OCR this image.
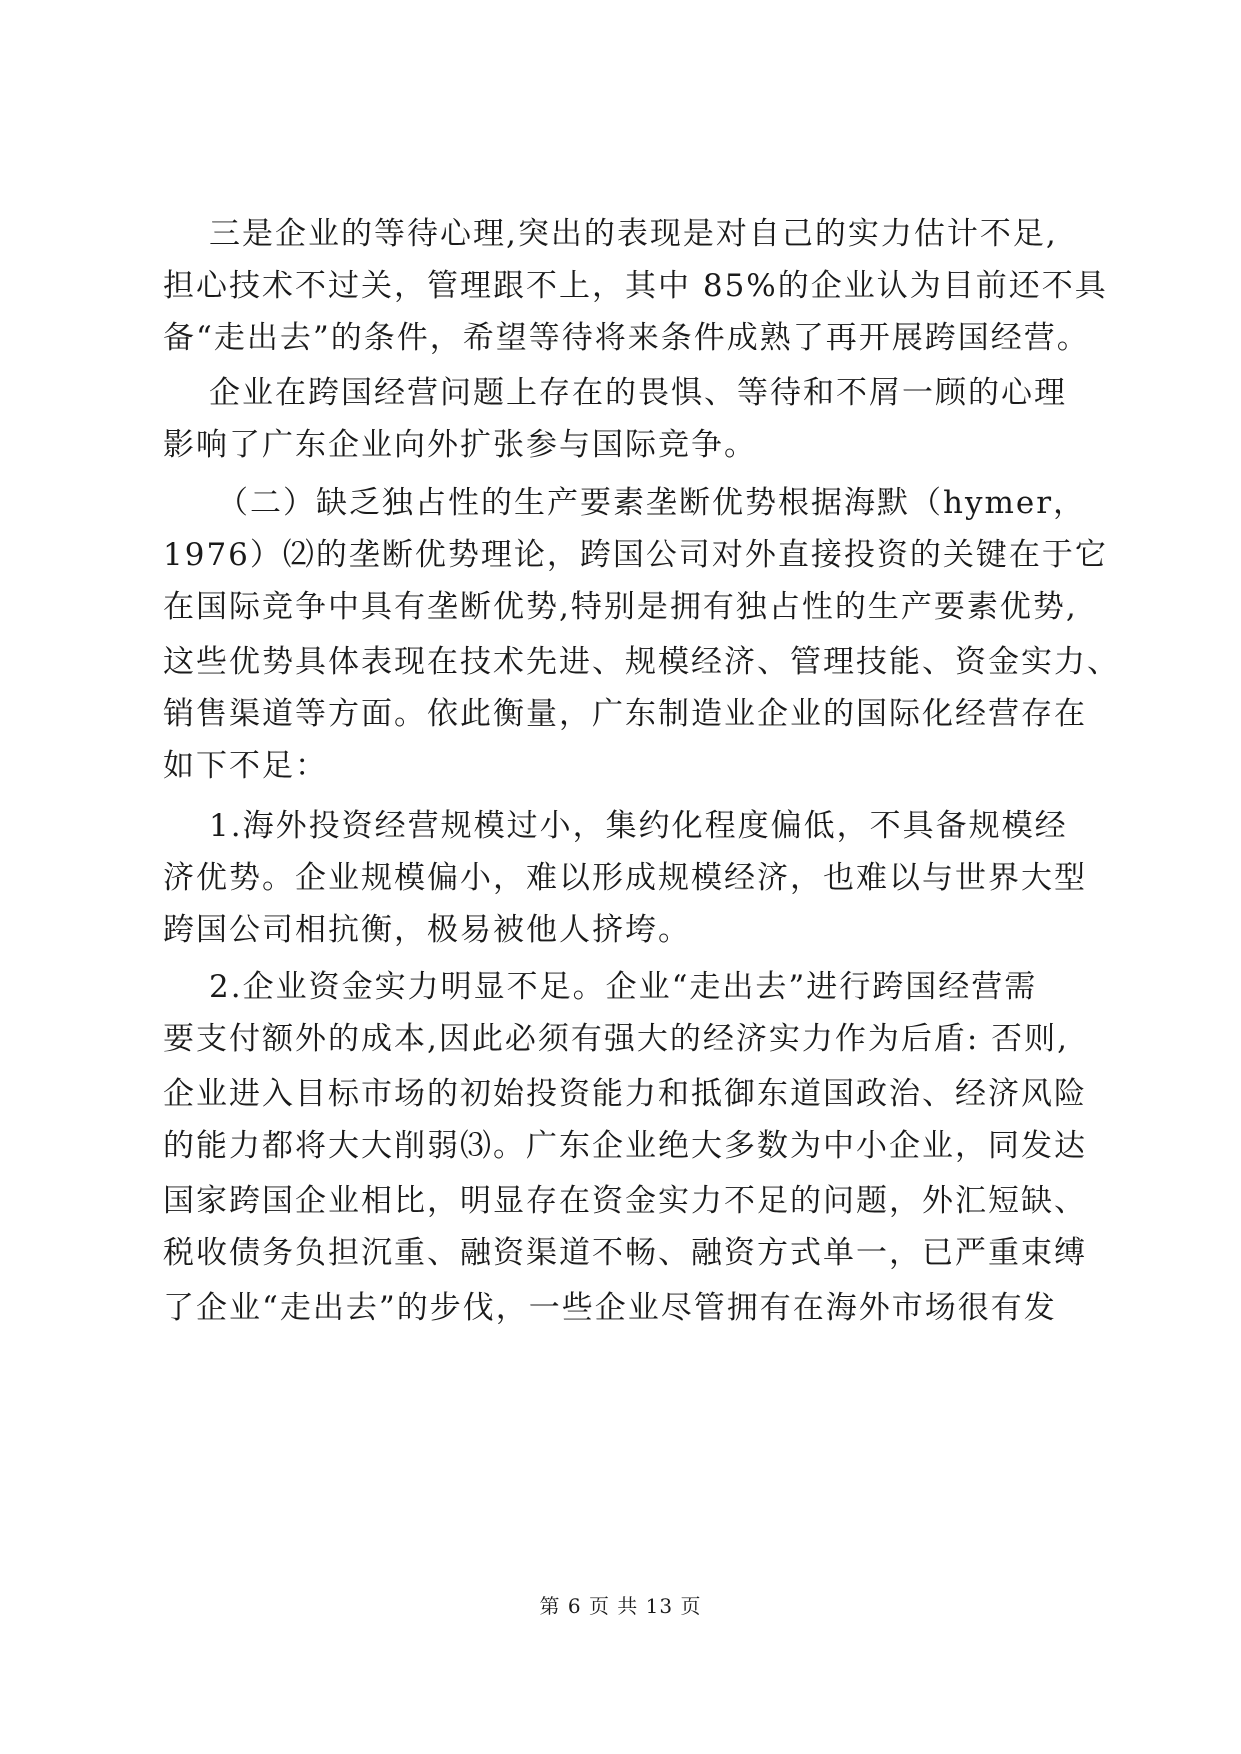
三是企业的等待心理,突出的表现是对自己的实力估计不足,
担心技术不过关，管理跟不上，其中 85%的企业认为目前还不具
备“走出去”的条件，希望等待将来条件成熟了再开展跨国经营。
企业在跨国经营问题上存在的畏惧、等待和不屑一顾的心理
影响了广东企业向外扩张参与国际竞争。
（二）缺乏独占性的生产要素垄断优势根据海默（hymer，
1976）⑵的垄断优势理论，跨国公司对外直接投资的关键在于它
在国际竞争中具有垄断优势,特别是拥有独占性的生产要素优势,
这些优势具体表现在技术先进、规模经济、管理技能、资金实力、
销售渠道等方面。依此衡量，广东制造业企业的国际化经营存在
如下不足：
1.海外投资经营规模过小，集约化程度偏低，不具备规模经
济优势。企业规模偏小，难以形成规模经济，也难以与世界大型
跨国公司相抗衡，极易被他人挤垮。
2.企业资金实力明显不足。企业“走出去”进行跨国经营需
要支付额外的成本,因此必须有强大的经济实力作为后盾: 否则,
企业进入目标市场的初始投资能力和抵御东道国政治、经济风险
的能力都将大大削弱⑶。广东企业绝大多数为中小企业，同发达
国家跨国企业相比，明显存在资金实力不足的问题，外汇短缺、
税收债务负担沉重、融资渠道不畅、融资方式单一，已严重束缚
了企业“走出去”的步伐，一些企业尽管拥有在海外市场很有发
第 6 页 共 13 页
